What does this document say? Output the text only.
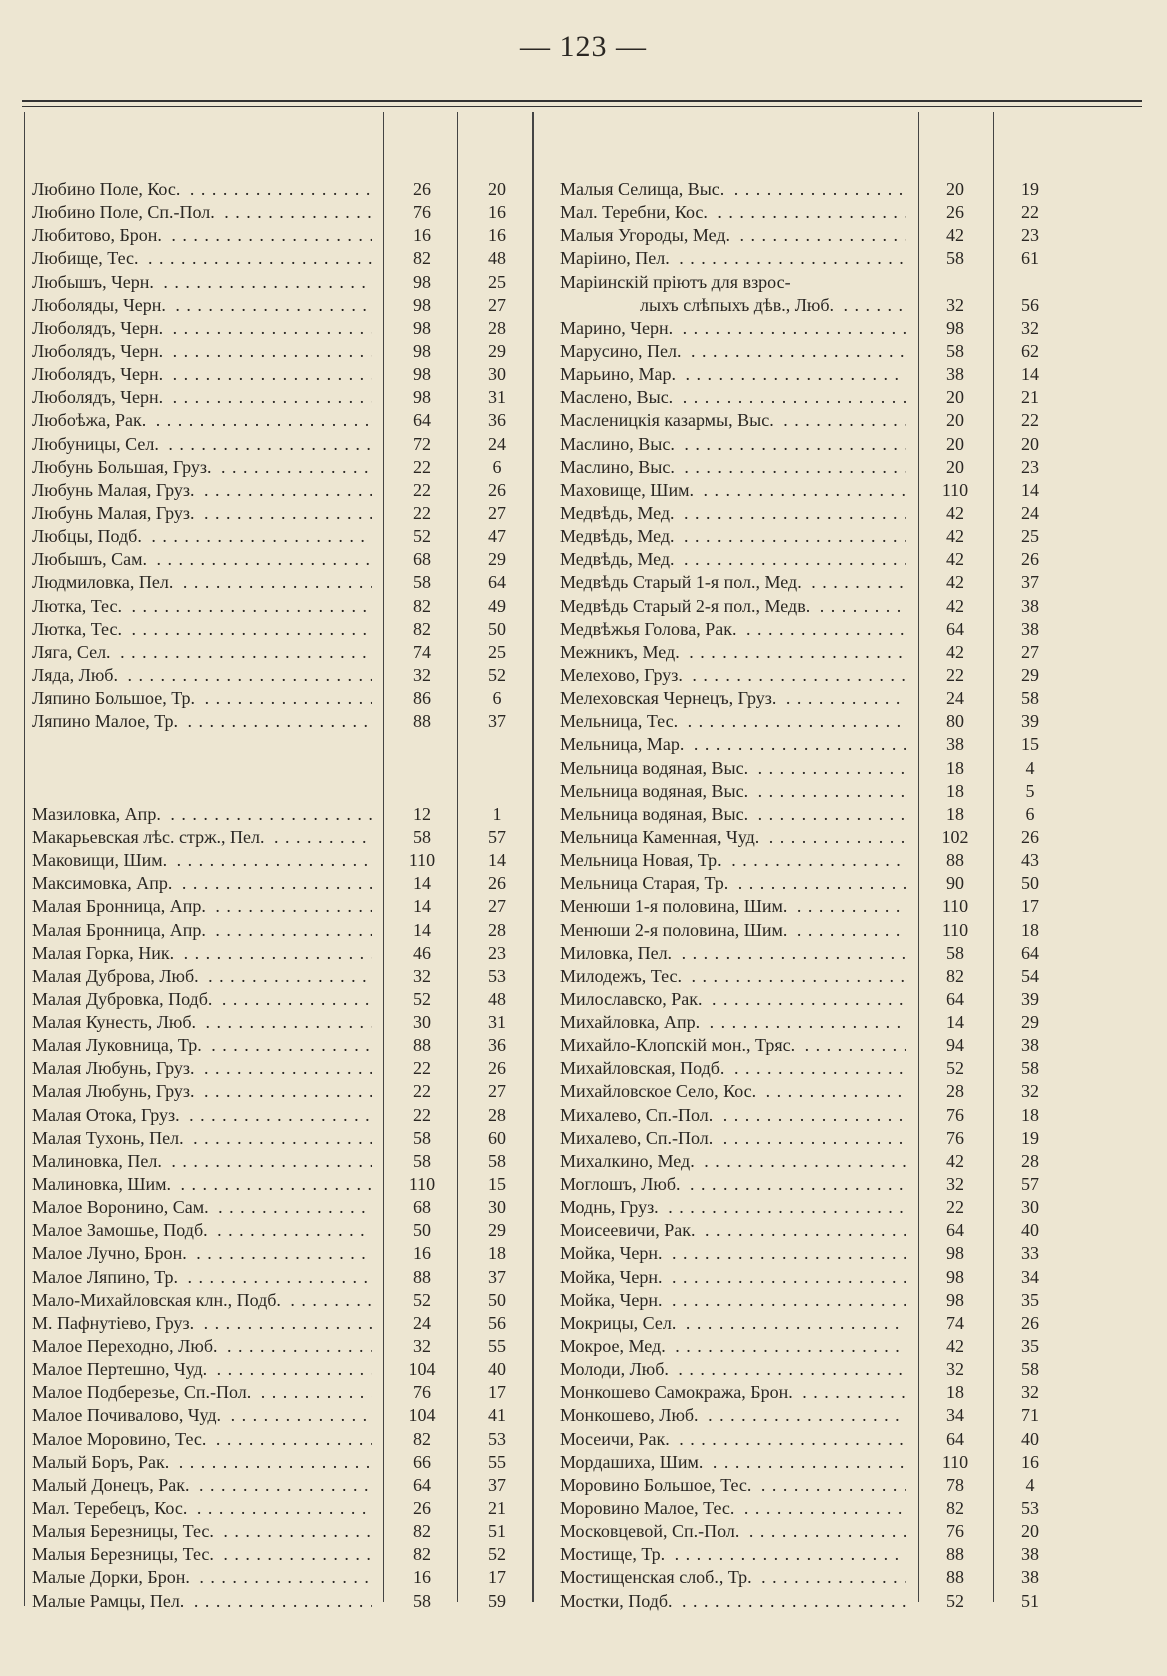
— 123 —
Любино Поле, Кос. . . .	26	20
Любино Поле, Сп.-Пол. . . .	76	16
Любитово, Брон. . . .	16	16
Любище, Тес. . . .	82	48
Любышъ, Черн. . . .	98	25
Люболяды, Черн. . . .	98	27
Люболядъ, Черн. . . .	98	28
Люболядъ, Черн. . . .	98	29
Люболядъ, Черн. . . .	98	30
Люболядъ, Черн. . . .	98	31
Любоѣжа, Рак. . . .	64	36
Любуницы, Сел. . . .	72	24
Любунь Большая, Груз. . . .	22	6
Любунь Малая, Груз. . . .	22	26
Любунь Малая, Груз. . . .	22	27
Любцы, Подб. . . .	52	47
Любышъ, Сам. . . .	68	29
Людмиловка, Пел. . . .	58	64
Лютка, Тес. . . .	82	49
Лютка, Тес. . . .	82	50
Ляга, Сел. . . .	74	25
Ляда, Люб. . . .	32	52
Ляпино Большое, Тр. . . .	86	6
Ляпино Малое, Тр. . . .	88	37
Мазиловка, Апр. . . .	12	1
Макарьевская лѣс. стрж., Пел. . . .	58	57
Маковищи, Шим. . . .	110	14
Максимовка, Апр. . . .	14	26
Малая Бронница, Апр. . . .	14	27
Малая Бронница, Апр. . . .	14	28
Малая Горка, Ник. . . .	46	23
Малая Дуброва, Люб. . . .	32	53
Малая Дубровка, Подб. . . .	52	48
Малая Кунесть, Люб. . . .	30	31
Малая Луковница, Тр. . . .	88	36
Малая Любунь, Груз. . . .	22	26
Малая Любунь, Груз. . . .	22	27
Малая Отока, Груз. . . .	22	28
Малая Тухонь, Пел. . . .	58	60
Малиновка, Пел. . . .	58	58
Малиновка, Шим. . . .	110	15
Малое Воронино, Сам. . . .	68	30
Малое Замошье, Подб. . . .	50	29
Малое Лучно, Брон. . . .	16	18
Малое Ляпино, Тр. . . .	88	37
Мало-Михайловская клн., Подб. . . .	52	50
М. Пафнутіево, Груз. . . .	24	56
Малое Переходно, Люб. . . .	32	55
Малое Пертешно, Чуд. . . .	104	40
Малое Подберезье, Сп.-Пол. . . .	76	17
Малое Почивалово, Чуд. . . .	104	41
Малое Моровино, Тес. . . .	82	53
Малый Боръ, Рак. . . .	66	55
Малый Донецъ, Рак. . . .	64	37
Мал. Теребецъ, Кос. . . .	26	21
Малыя Березницы, Тес. . . .	82	51
Малыя Березницы, Тес. . . .	82	52
Малые Дорки, Брон. . . .	16	17
Малые Рамцы, Пел. . . .	58	59
Малыя Селища, Выс. . . .	20	19
Мал. Теребни, Кос. . . .	26	22
Малыя Угороды, Мед. . . .	42	23
Маріино, Пел. . . .	58	61
Маріинскій пріютъ для взрос-
лыхъ слѣпыхъ дѣв., Люб. . . .	32	56
Марино, Черн. . . .	98	32
Марусино, Пел. . . .	58	62
Марьино, Мар. . . .	38	14
Маслено, Выс. . . .	20	21
Масленицкія казармы, Выс. . . .	20	22
Маслино, Выс. . . .	20	20
Маслино, Выс. . . .	20	23
Маховище, Шим. . . .	110	14
Медвѣдь, Мед. . . .	42	24
Медвѣдь, Мед. . . .	42	25
Медвѣдь, Мед. . . .	42	26
Медвѣдь Старый 1-я пол., Мед. . . .	42	37
Медвѣдь Старый 2-я пол., Медв. . . .	42	38
Медвѣжья Голова, Рак. . . .	64	38
Межникъ, Мед. . . .	42	27
Мелехово, Груз. . . .	22	29
Мелеховская Чернецъ, Груз. . . .	24	58
Мельница, Тес. . . .	80	39
Мельница, Мар. . . .	38	15
Мельница водяная, Выс. . . .	18	4
Мельница водяная, Выс. . . .	18	5
Мельница водяная, Выс. . . .	18	6
Мельница Каменная, Чуд. . . .	102	26
Мельница Новая, Тр. . . .	88	43
Мельница Старая, Тр. . . .	90	50
Менюши 1-я половина, Шим. . . .	110	17
Менюши 2-я половина, Шим. . . .	110	18
Миловка, Пел. . . .	58	64
Милодежъ, Тес. . . .	82	54
Милославско, Рак. . . .	64	39
Михайловка, Апр. . . .	14	29
Михайло-Клопскій мон., Тряс. . . .	94	38
Михайловская, Подб. . . .	52	58
Михайловское Село, Кос. . . .	28	32
Михалево, Сп.-Пол. . . .	76	18
Михалево, Сп.-Пол. . . .	76	19
Михалкино, Мед. . . .	42	28
Моглошъ, Люб. . . .	32	57
Моднь, Груз. . . .	22	30
Моисеевичи, Рак. . . .	64	40
Мойка, Черн. . . .	98	33
Мойка, Черн. . . .	98	34
Мойка, Черн. . . .	98	35
Мокрицы, Сел. . . .	74	26
Мокрое, Мед. . . .	42	35
Молоди, Люб. . . .	32	58
Монкошево Самокража, Брон. . . .	18	32
Монкошево, Люб. . . .	34	71
Мосеичи, Рак. . . .	64	40
Мордашиха, Шим. . . .	110	16
Моровино Большое, Тес. . . .	78	4
Моровино Малое, Тес. . . .	82	53
Московцевой, Сп.-Пол. . . .	76	20
Мостище, Тр. . . .	88	38
Мостищенская слоб., Тр. . . .	88	38
Мостки, Подб. . . .	52	51
